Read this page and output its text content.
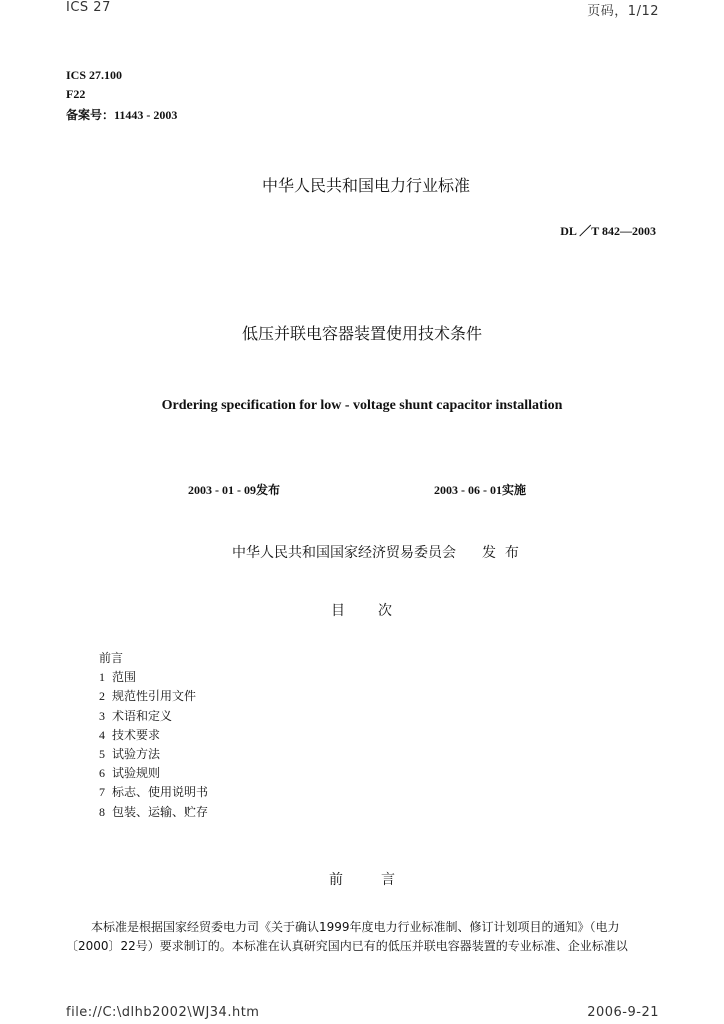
ICS 27	页码，1/12
ICS 27.100
F22
备案号：11443 - 2003
中华人民共和国电力行业标准
DL ／T 842—2003
低压并联电容器装置使用技术条件
Ordering specification for low - voltage shunt capacitor installation
2003 - 01 - 09发布	2003 - 06 - 01实施
中华人民共和国国家经济贸易委员会 发  布
目 次
前言
1 范围
2 规范性引用文件
3 术语和定义
4 技术要求
5 试验方法
6 试验规则
7 标志、使用说明书
8 包装、运输、贮存
前	言
本标准是根据国家经贸委电力司《关于确认1999年度电力行业标准制、修订计划项目的通知》（电力
〔2000〕22号）要求制订的。本标准在认真研究国内已有的低压并联电容器装置的专业标准、企业标准以
file://C:\dlhb2002\WJ34.htm	2006-9-21
